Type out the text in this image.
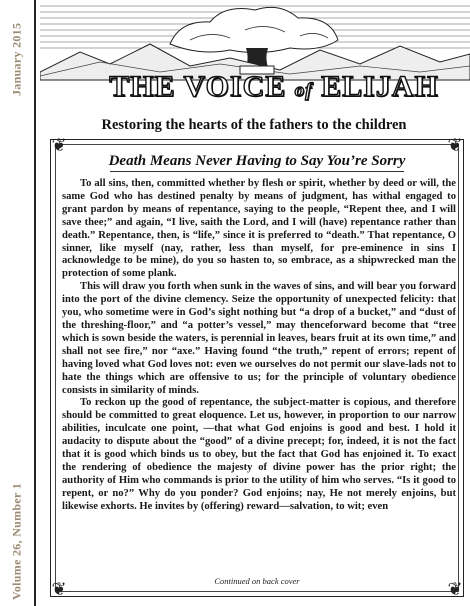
January 2015
Volume 26, Number 1
THE VOICE of ELIJAH
Restoring the hearts of the fathers to the children
❦	❦
❦	❦
Death Means Never Having to Say You’re Sorry

To all sins, then, committed whether by flesh or spirit, whether by deed or will, the same God who has destined penalty by means of judgment, has withal engaged to grant pardon by means of repentance, saying to the people, “Repent thee, and I will save thee;” and again, “I live, saith the Lord, and I will (have) repentance rather than death.” Repentance, then, is “life,” since it is preferred to “death.” That repentance, O sinner, like myself (nay, rather, less than myself, for pre-eminence in sins I acknowledge to be mine), do you so hasten to, so embrace, as a shipwrecked man the protection of some plank.

This will draw you forth when sunk in the waves of sins, and will bear you forward into the port of the divine clemency. Seize the opportunity of unexpected felicity: that you, who sometime were in God’s sight nothing but “a drop of a bucket,” and “dust of the threshing-floor,” and “a potter’s vessel,” may thenceforward become that “tree which is sown beside the waters, is perennial in leaves, bears fruit at its own time,” and shall not see fire,” nor “axe.” Having found “the truth,” repent of errors; repent of having loved what God loves not: even we ourselves do not permit our slave-lads not to hate the things which are offensive to us; for the principle of voluntary obedience consists in similarity of minds.

To reckon up the good of repentance, the subject-matter is copious, and therefore should be committed to great eloquence. Let us, however, in proportion to our narrow abilities, inculcate one point, —that what God enjoins is good and best. I hold it audacity to dispute about the “good” of a divine precept; for, indeed, it is not the fact that it is good which binds us to obey, but the fact that God has enjoined it. To exact the rendering of obedience the majesty of divine power has the prior right; the authority of Him who commands is prior to the utility of him who serves. “Is it good to repent, or no?” Why do you ponder? God enjoins; nay, He not merely enjoins, but likewise exhorts. He invites by (offering) reward—salvation, to wit; even

Continued on back cover
